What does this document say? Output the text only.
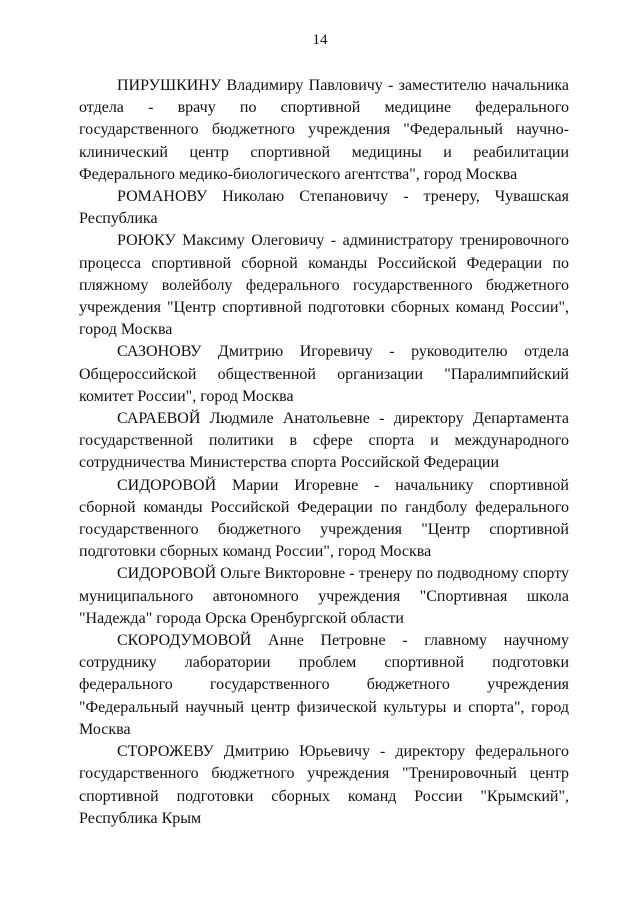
14

ПИРУШКИНУ Владимиру Павловичу - заместителю начальника отдела - врачу по спортивной медицине федерального государственного бюджетного учреждения "Федеральный научно-клинический центр спортивной медицины и реабилитации Федерального медико-биологического агентства", город Москва

РОМАНОВУ Николаю Степановичу - тренеру, Чувашская Республика

РОЮКУ Максиму Олеговичу - администратору тренировочного процесса спортивной сборной команды Российской Федерации по пляжному волейболу федерального государственного бюджетного учреждения "Центр спортивной подготовки сборных команд России", город Москва

САЗОНОВУ Дмитрию Игоревичу - руководителю отдела Общероссийской общественной организации "Паралимпийский комитет России", город Москва

САРАЕВОЙ Людмиле Анатольевне - директору Департамента государственной политики в сфере спорта и международного сотрудничества Министерства спорта Российской Федерации

СИДОРОВОЙ Марии Игоревне - начальнику спортивной сборной команды Российской Федерации по гандболу федерального государственного бюджетного учреждения "Центр спортивной подготовки сборных команд России", город Москва

СИДОРОВОЙ Ольге Викторовне - тренеру по подводному спорту муниципального автономного учреждения "Спортивная школа "Надежда" города Орска Оренбургской области

СКОРОДУМОВОЙ Анне Петровне - главному научному сотруднику лаборатории проблем спортивной подготовки федерального государственного бюджетного учреждения "Федеральный научный центр физической культуры и спорта", город Москва

СТОРОЖЕВУ Дмитрию Юрьевичу - директору федерального государственного бюджетного учреждения "Тренировочный центр спортивной подготовки сборных команд России "Крымский", Республика Крым
